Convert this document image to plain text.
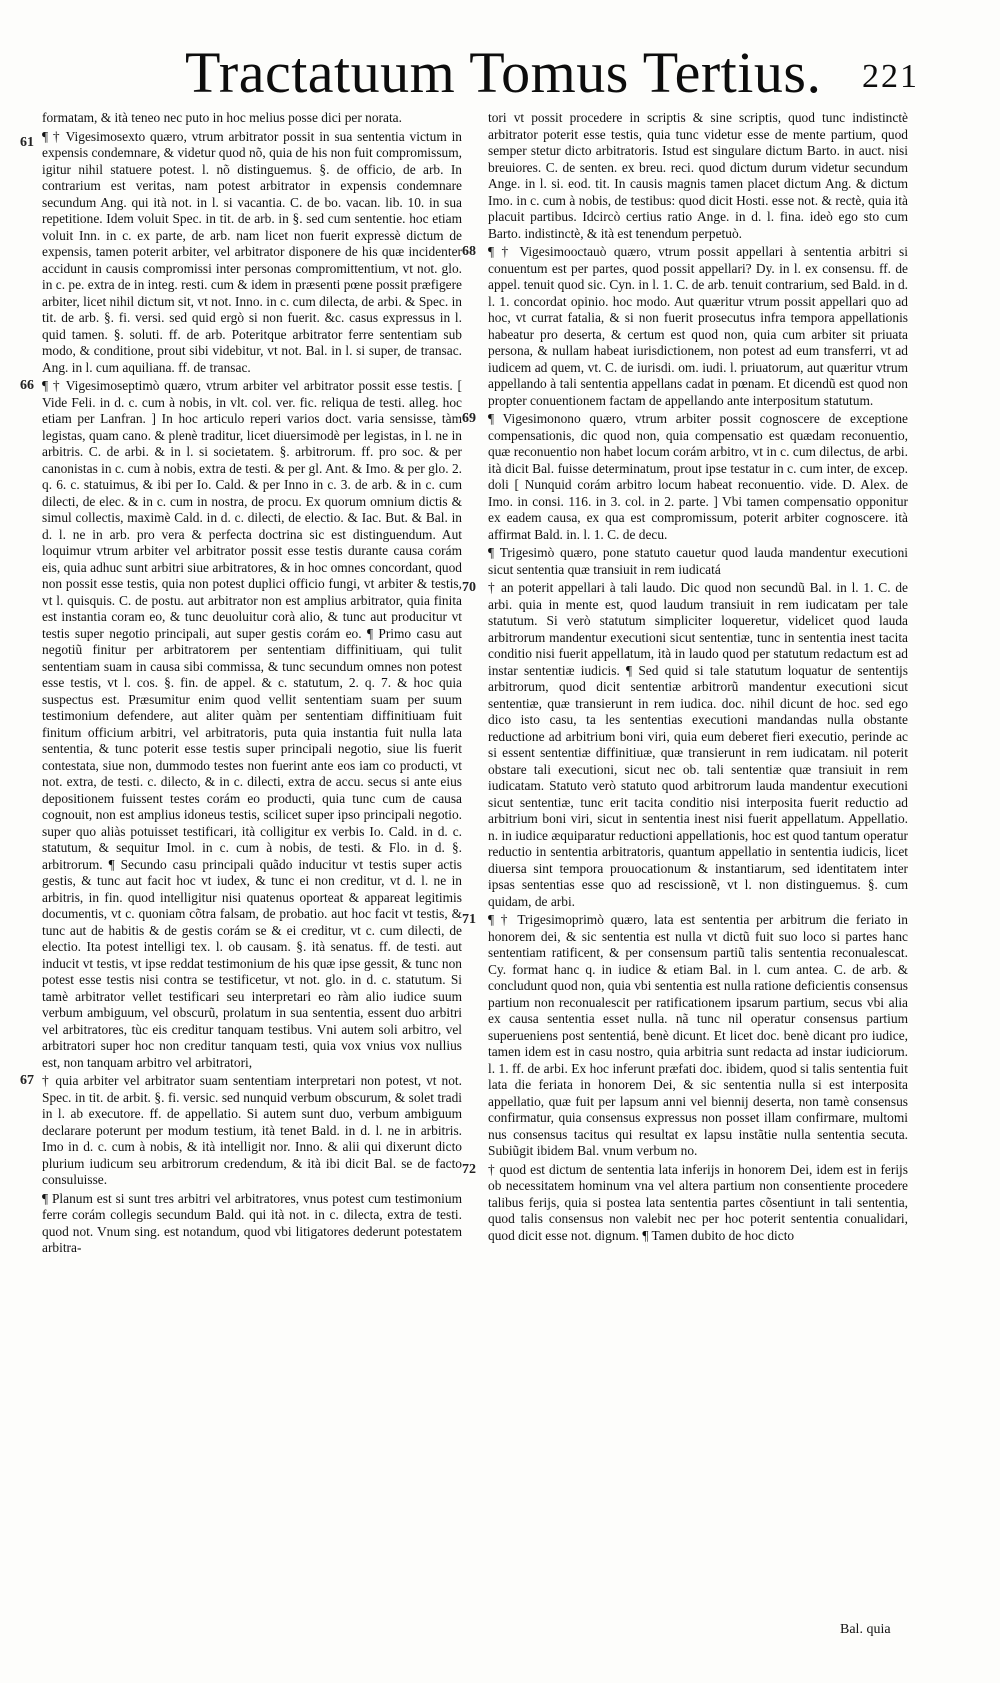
Tractatuum Tomus Tertius. 221

formatam, & ità teneo nec puto in hoc melius posse dici per norata.

61 ¶ † Vigesimosexto quæro, vtrum arbitrator possit in sua sententia victum in expensis condemnare, & videtur quod nõ, quia de his non fuit compromissum, igitur nihil statuere potest. l. nõ distinguemus. §. de officio, de arb. In contrarium est veritas, nam potest arbitrator in expensis condemnare secundum Ang. qui ità not. in l. si vacantia. C. de bo. vacan. lib. 10. in sua repetitione. Idem voluit Spec. in tit. de arb. in §. sed cum sententie. hoc etiam voluit Inn. in c. ex parte, de arb. nam licet non fuerit expressè dictum de expensis, tamen poterit arbiter, vel arbitrator disponere de his quæ incidenter accidunt in causis compromissi inter personas compromittentium, vt not. glo. in c. pe. extra de in integ. resti. cum & idem in præsenti pœne possit præfigere arbiter, licet nihil dictum sit, vt not. Inno. in c. cum dilecta, de arbi. & Spec. in tit. de arb. §. fi. versi. sed quid ergò si non fuerit. &c. casus expressus in l. quid tamen. §. soluti. ff. de arb. Poteritque arbitrator ferre sententiam sub modo, & conditione, prout sibi videbitur, vt not. Bal. in l. si super, de transac. Ang. in l. cum aquiliana. ff. de transac.

66 ¶ † Vigesimoseptimò quæro, vtrum arbiter vel arbitrator possit esse testis. [ Vide Feli. in d. c. cum à nobis, in vlt. col. ver. fic. reliqua de testi. alleg. hoc etiam per Lanfran. ] In hoc articulo reperi varios doct. varia sensisse, tàm legistas, quam cano. & plenè traditur, licet diuersimodè per legistas, in l. ne in arbitris. C. de arbi. & in l. si societatem. §. arbitrorum. ff. pro soc. & per canonistas in c. cum à nobis, extra de testi. & per gl. Ant. & Imo. & per glo. 2. q. 6. c. statuimus, & ibi per Io. Cald. & per Inno in c. 3. de arb. & in c. cum dilecti, de elec. & in c. cum in nostra, de procu. Ex quorum omnium dictis & simul collectis, maximè Cald. in d. c. dilecti, de electio. & Iac. But. & Bal. in d. l. ne in arb. pro vera & perfecta doctrina sic est distinguendum. Aut loquimur vtrum arbiter vel arbitrator possit esse testis durante causa corám eis, quia adhuc sunt arbitri siue arbitratores, & in hoc omnes concordant, quod non possit esse testis, quia non potest duplici officio fungi, vt arbiter & testis, vt l. quisquis. C. de postu. aut arbitrator non est amplius arbitrator, quia finita est instantia coram eo, & tunc deuoluitur corà alio, & tunc aut producitur vt testis super negotio principali, aut super gestis corám eo. ¶ Primo casu aut negotiũ finitur per arbitratorem per sententiam diffinitiuam, qui tulit sententiam suam in causa sibi commissa, & tunc secundum omnes non potest esse testis, vt l. cos. §. fin. de appel. & c. statutum, 2. q. 7. & hoc quia suspectus est. Præsumitur enim quod vellit sententiam suam per suum testimonium defendere, aut aliter quàm per sententiam diffinitiuam fuit finitum officium arbitri, vel arbitratoris, puta quia instantia fuit nulla lata sententia, & tunc poterit esse testis super principali negotio, siue lis fuerit contestata, siue non, dummodo testes non fuerint ante eos iam co producti, vt not. extra, de testi. c. dilecto, & in c. dilecti, extra de accu. secus si ante eius depositionem fuissent testes corám eo producti, quia tunc cum de causa cognouit, non est amplius idoneus testis, scilicet super ipso principali negotio. super quo aliàs potuisset testificari, ità colligitur ex verbis Io. Cald. in d. c. statutum, & sequitur Imol. in c. cum à nobis, de testi. & Flo. in d. §. arbitrorum. ¶ Secundo casu principali quãdo inducitur vt testis super actis gestis, & tunc aut facit hoc vt iudex, & tunc ei non creditur, vt d. l. ne in arbitris, in fin. quod intelligitur nisi quatenus oporteat & appareat legitimis documentis, vt c. quoniam cõtra falsam, de probatio. aut hoc facit vt testis, & tunc aut de habitis & de gestis corám se & ei creditur, vt c. cum dilecti, de electio. Ita potest intelligi tex. l. ob causam. §. ità senatus. ff. de testi. aut inducit vt testis, vt ipse reddat testimonium de his quæ ipse gessit, & tunc non potest esse testis nisi contra se testificetur, vt not. glo. in d. c. statutum. Si tamè arbitrator vellet testificari seu interpretari eo ràm alio iudice suum verbum ambiguum, vel obscurũ, prolatum in sua sententia, essent duo arbitri vel arbitratores, tùc eis creditur tanquam testibus. Vni autem soli arbitro, vel arbitratori super hoc non creditur tanquam testi, quia vox vnius vox nullius est, non tanquam arbitro vel arbitratori,

67 † quia arbiter vel arbitrator suam sententiam interpretari non potest, vt not. Spec. in tit. de arbit. §. fi. versic. sed nunquid verbum obscurum, & solet tradi in l. ab executore. ff. de appellatio. Si autem sunt duo, verbum ambiguum declarare poterunt per modum testium, ità tenet Bald. in d. l. ne in arbitris. Imo in d. c. cum à nobis, & ità intelligit nor. Inno. & alii qui dixerunt dicto plurium iudicum seu arbitrorum credendum, & ità ibi dicit Bal. se de facto consuluisse.

¶ Planum est si sunt tres arbitri vel arbitratores, vnus potest cum testimonium ferre corám collegis secundum Bald. qui ità not. in c. dilecta, extra de testi. quod not. Vnum sing. est notandum, quod vbi litigatores dederunt potestatem arbitra-

tori vt possit procedere in scriptis & sine scriptis, quod tunc indistinctè arbitrator poterit esse testis, quia tunc videtur esse de mente partium, quod semper stetur dicto arbitratoris. Istud est singulare dictum Barto. in auct. nisi breuiores. C. de senten. ex breu. reci. quod dictum durum videtur secundum Ange. in l. si. eod. tit. In causis magnis tamen placet dictum Ang. & dictum Imo. in c. cum à nobis, de testibus: quod dicit Hosti. esse not. & rectè, quia ità placuit partibus. Idcircò certius ratio Ange. in d. l. fina. ideò ego sto cum Barto. indistinctè, & ità est tenendum perpetuò.

68 ¶ † Vigesimooctauò quæro, vtrum possit appellari à sententia arbitri si conuentum est per partes, quod possit appellari? Dy. in l. ex consensu. ff. de appel. tenuit quod sic. Cyn. in l. 1. C. de arb. tenuit contrarium, sed Bald. in d. l. 1. concordat opinio. hoc modo. Aut quæritur vtrum possit appellari quo ad hoc, vt currat fatalia, & si non fuerit prosecutus infra tempora appellationis habeatur pro deserta, & certum est quod non, quia cum arbiter sit priuata persona, & nullam habeat iurisdictionem, non potest ad eum transferri, vt ad iudicem ad quem, vt. C. de iurisdi. om. iudi. l. priuatorum, aut quæritur vtrum appellando à tali sententia appellans cadat in pœnam. Et dicendũ est quod non propter conuentionem factam de appellando ante interpositum statutum.

69 ¶ Vigesimonono quæro, vtrum arbiter possit cognoscere de exceptione compensationis, dic quod non, quia compensatio est quædam reconuentio, quæ reconuentio non habet locum corám arbitro, vt in c. cum dilectus, de arbi. ità dicit Bal. fuisse determinatum, prout ipse testatur in c. cum inter, de excep. doli [ Nunquid corám arbitro locum habeat reconuentio. vide. D. Alex. de Imo. in consi. 116. in 3. col. in 2. parte. ] Vbi tamen compensatio opponitur ex eadem causa, ex qua est compromissum, poterit arbiter cognoscere. ità affirmat Bald. in. l. 1. C. de decu.

¶ Trigesimò quæro, pone statuto cauetur quod lauda mandentur executioni sicut sententia quæ transiuit in rem iudicatá

70 † an poterit appellari à tali laudo. Dic quod non secundũ Bal. in l. 1. C. de arbi. quia in mente est, quod laudum transiuit in rem iudicatam per tale statutum. Si verò statutum simpliciter loqueretur, videlicet quod lauda arbitrorum mandentur executioni sicut sententiæ, tunc in sententia inest tacita conditio nisi fuerit appellatum, ità in laudo quod per statutum redactum est ad instar sententiæ iudicis. ¶ Sed quid si tale statutum loquatur de sententijs arbitrorum, quod dicit sententiæ arbitrorũ mandentur executioni sicut sententiæ, quæ transierunt in rem iudica. doc. nihil dicunt de hoc. sed ego dico isto casu, ta les sententias executioni mandandas nulla obstante reductione ad arbitrium boni viri, quia eum deberet fieri executio, perinde ac si essent sententiæ diffinitiuæ, quæ transierunt in rem iudicatam. nil poterit obstare tali executioni, sicut nec ob. tali sententiæ quæ transiuit in rem iudicatam. Statuto verò statuto quod arbitrorum lauda mandentur executioni sicut sententiæ, tunc erit tacita conditio nisi interposita fuerit reductio ad arbitrium boni viri, sicut in sententia inest nisi fuerit appellatum. Appellatio. n. in iudice æquiparatur reductioni appellationis, hoc est quod tantum operatur reductio in sententia arbitratoris, quantum appellatio in sententia iudicis, licet diuersa sint tempora prouocationum & instantiarum, sed identitatem inter ipsas sententias esse quo ad rescissionẽ, vt l. non distinguemus. §. cum quidam, de arbi.

71 ¶ † Trigesimoprimò quæro, lata est sententia per arbitrum die feriato in honorem dei, & sic sententia est nulla vt dictũ fuit suo loco si partes hanc sententiam ratificent, & per consensum partiũ talis sententia reconualescat. Cy. format hanc q. in iudice & etiam Bal. in l. cum antea. C. de arb. & concludunt quod non, quia vbi sententia est nulla ratione deficientis consensus partium non reconualescit per ratificationem ipsarum partium, secus vbi alia ex causa sententia esset nulla. nã tunc nil operatur consensus partium superueniens post sententiá, benè dicunt. Et licet doc. benè dicant pro iudice, tamen idem est in casu nostro, quia arbitria sunt redacta ad instar iudiciorum. l. 1. ff. de arbi. Ex hoc inferunt præfati doc. ibidem, quod si talis sententia fuit lata die feriata in honorem Dei, & sic sententia nulla si est interposita appellatio, quæ fuit per lapsum anni vel biennij deserta, non tamè consensus confirmatur, quia consensus expressus non posset illam confirmare, multomi nus consensus tacitus qui resultat ex lapsu instãtie nulla sententia secuta. Subiũgit ibidem Bal. vnum verbum no.

72 † quod est dictum de sententia lata inferijs in honorem Dei, idem est in ferijs ob necessitatem hominum vna vel altera partium non consentiente procedere talibus ferijs, quia si postea lata sententia partes cõsentiunt in tali sententia, quod talis consensus non valebit nec per hoc poterit sententia conualidari, quod dicit esse not. dignum. ¶ Tamen dubito de hoc dicto

Bal. quia
